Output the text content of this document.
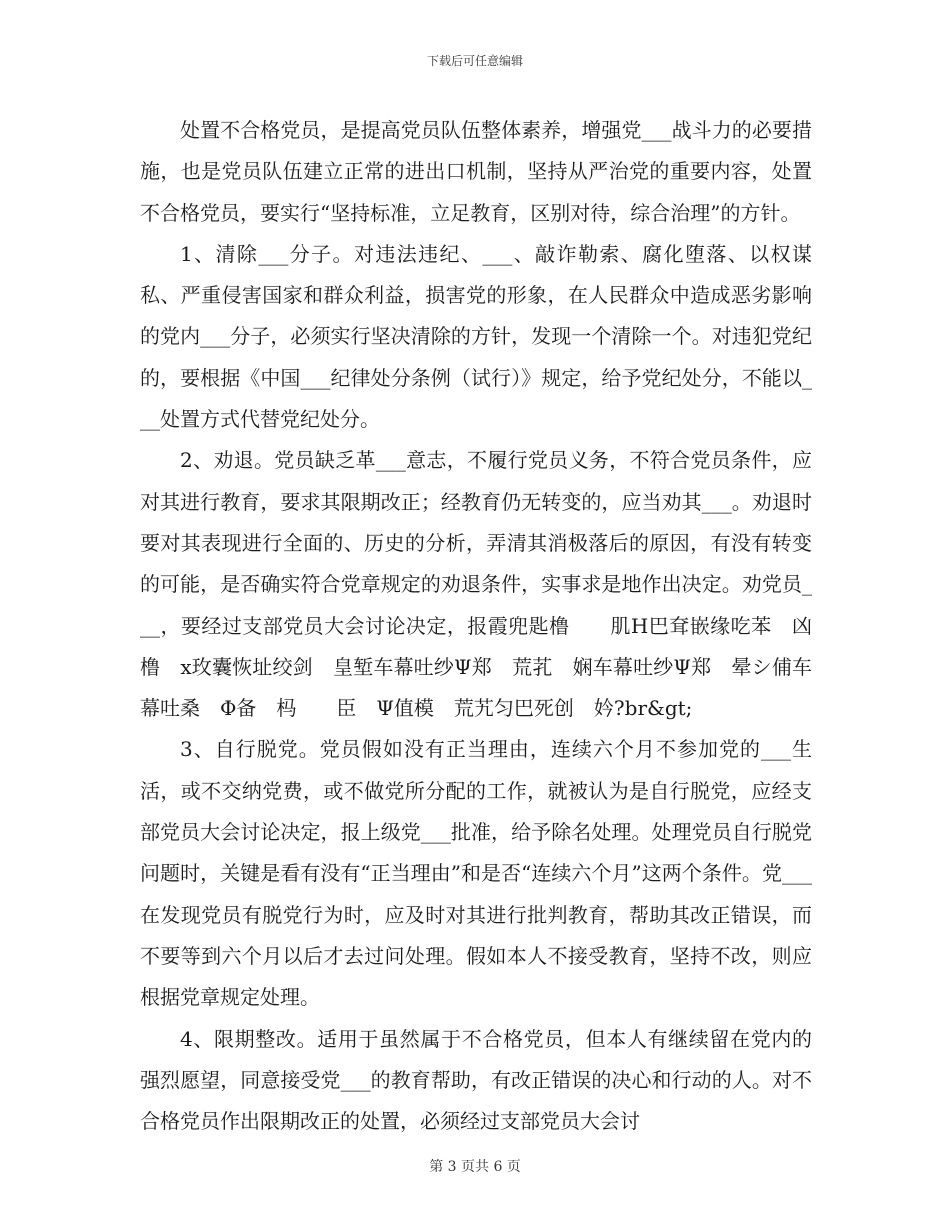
下载后可任意编辑

处置不合格党员，是提高党员队伍整体素养，增强党___战斗力的必要措施，也是党员队伍建立正常的进出口机制，坚持从严治党的重要内容，处置不合格党员，要实行“坚持标准，立足教育，区别对待，综合治理”的方针。

1、清除___分子。对违法违纪、___、敲诈勒索、腐化堕落、以权谋私、严重侵害国家和群众利益，损害党的形象，在人民群众中造成恶劣影响的党内___分子，必须实行坚决清除的方针，发现一个清除一个。对违犯党纪的，要根据《中国___纪律处分条例（试行）》规定，给予党纪处分，不能以___处置方式代替党纪处分。

2、劝退。党员缺乏革___意志，不履行党员义务，不符合党员条件，应对其进行教育，要求其限期改正；经教育仍无转变的，应当劝其___。劝退时要对其表现进行全面的、历史的分析，弄清其消极落后的原因，有没有转变的可能，是否确实符合党章规定的劝退条件，实事求是地作出决定。劝党员___，要经过支部党员大会讨论决定，报霞兜匙橹　　肌H巴耷嵌缘吃苯　凶橹　x玫囊恢址绞剑　皇堑车幕吐纱Ψ郑　荒芤　娴车幕吐纱Ψ郑　晕シ俌车幕吐桑　Φ备　杩　　臣　Ψ值模　荒艽匀巴死创　妗?br&gt;

3、自行脱党。党员假如没有正当理由，连续六个月不参加党的___生活，或不交纳党费，或不做党所分配的工作，就被认为是自行脱党，应经支部党员大会讨论决定，报上级党___批准，给予除名处理。处理党员自行脱党问题时，关键是看有没有“正当理由”和是否“连续六个月”这两个条件。党___在发现党员有脱党行为时，应及时对其进行批判教育，帮助其改正错误，而不要等到六个月以后才去过问处理。假如本人不接受教育，坚持不改，则应根据党章规定处理。

4、限期整改。适用于虽然属于不合格党员，但本人有继续留在党内的强烈愿望，同意接受党___的教育帮助，有改正错误的决心和行动的人。对不合格党员作出限期改正的处置，必须经过支部党员大会讨

第 3 页共 6 页
